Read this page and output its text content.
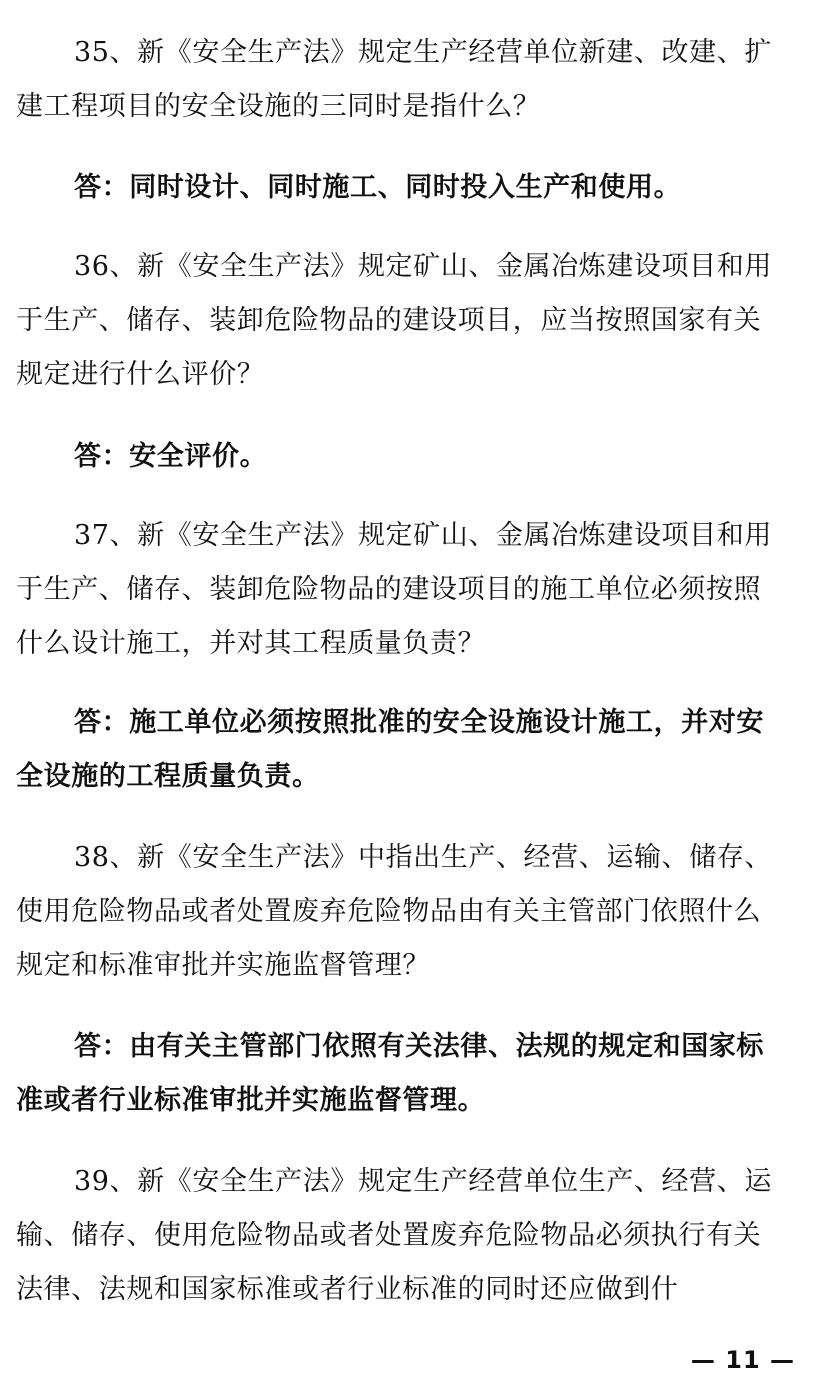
35、新《安全生产法》规定生产经营单位新建、改建、扩建工程项目的安全设施的三同时是指什么？

答：同时设计、同时施工、同时投入生产和使用。

36、新《安全生产法》规定矿山、金属冶炼建设项目和用于生产、储存、装卸危险物品的建设项目，应当按照国家有关规定进行什么评价？

答：安全评价。

37、新《安全生产法》规定矿山、金属冶炼建设项目和用于生产、储存、装卸危险物品的建设项目的施工单位必须按照什么设计施工，并对其工程质量负责？

答：施工单位必须按照批准的安全设施设计施工，并对安全设施的工程质量负责。

38、新《安全生产法》中指出生产、经营、运输、储存、使用危险物品或者处置废弃危险物品由有关主管部门依照什么规定和标准审批并实施监督管理？

答：由有关主管部门依照有关法律、法规的规定和国家标准或者行业标准审批并实施监督管理。

39、新《安全生产法》规定生产经营单位生产、经营、运输、储存、使用危险物品或者处置废弃危险物品必须执行有关法律、法规和国家标准或者行业标准的同时还应做到什

— 11 —
